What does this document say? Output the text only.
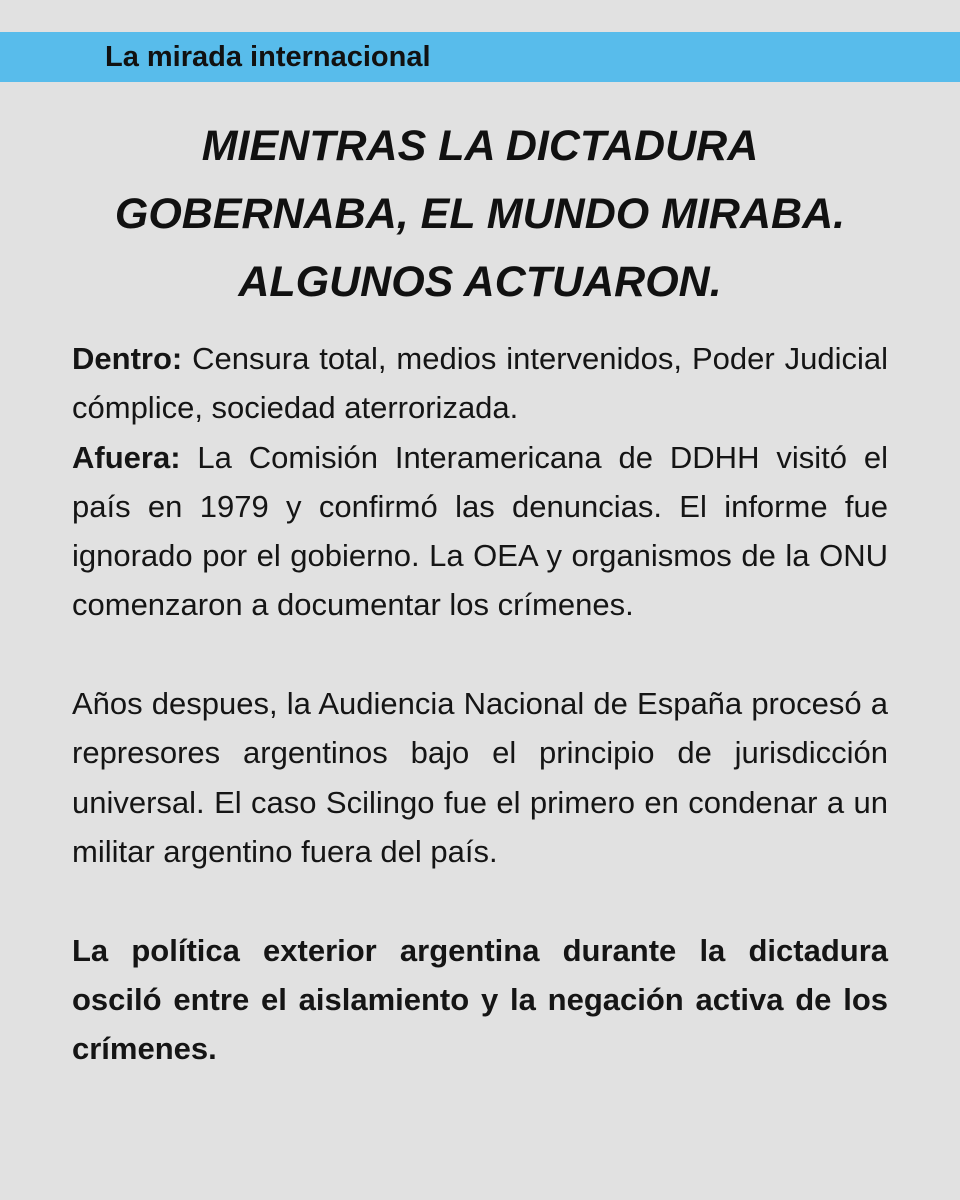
La mirada internacional
MIENTRAS LA DICTADURA
GOBERNABA, EL MUNDO MIRABA.
ALGUNOS ACTUARON.

Dentro: Censura total, medios intervenidos, Poder Judicial cómplice, sociedad aterrorizada.

Afuera: La Comisión Interamericana de DDHH visitó el país en 1979 y confirmó las denuncias. El informe fue ignorado por el gobierno. La OEA y organismos de la ONU comenzaron a documentar los crímenes.

Años despues, la Audiencia Nacional de España procesó a represores argentinos bajo el principio de jurisdicción universal. El caso Scilingo fue el primero en condenar a un militar argentino fuera del país.

La política exterior argentina durante la dictadura osciló entre el aislamiento y la negación activa de los crímenes.
